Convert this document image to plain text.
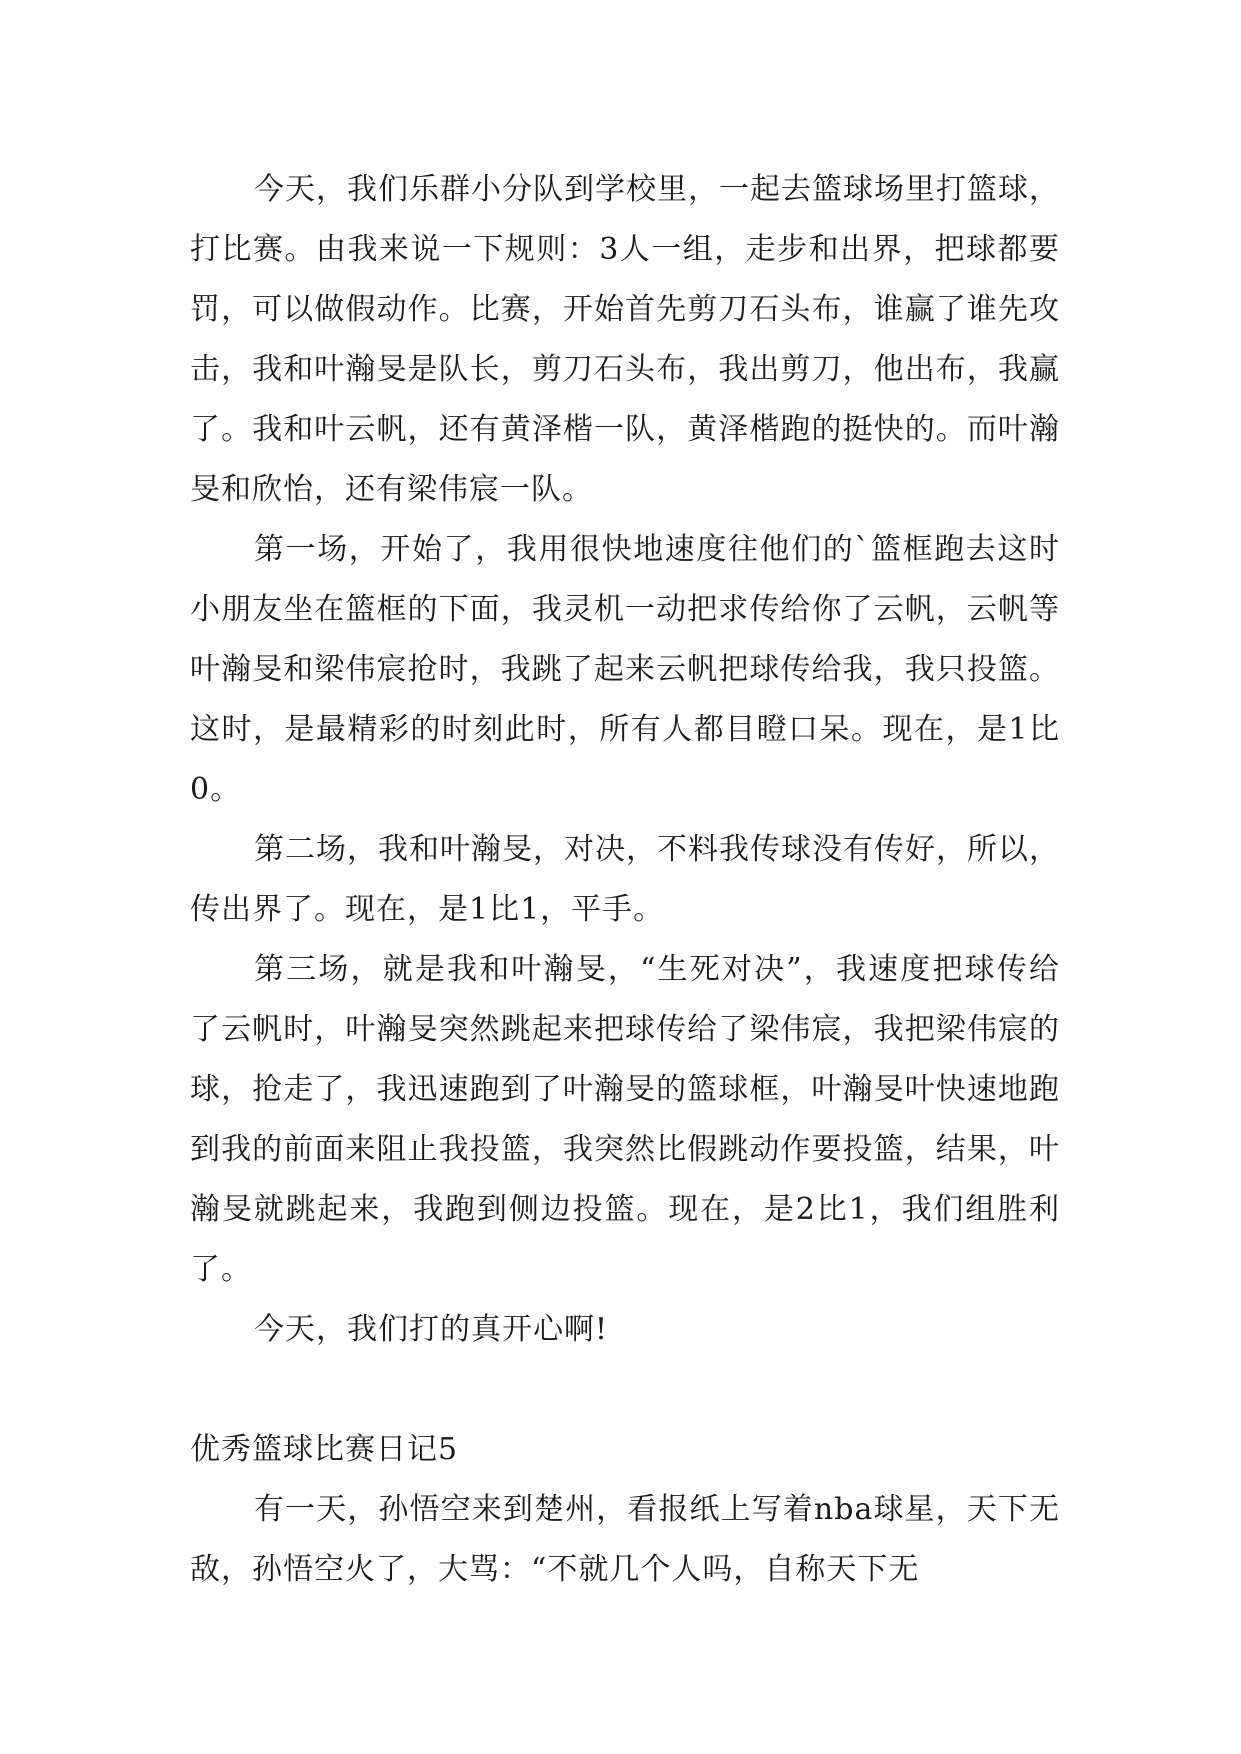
今天，我们乐群小分队到学校里，一起去篮球场里打篮球，打比赛。由我来说一下规则：3人一组，走步和出界，把球都要罚，可以做假动作。比赛，开始首先剪刀石头布，谁赢了谁先攻击，我和叶瀚旻是队长，剪刀石头布，我出剪刀，他出布，我赢了。我和叶云帆，还有黄泽楷一队，黄泽楷跑的挺快的。而叶瀚旻和欣怡，还有梁伟宸一队。

第一场，开始了，我用很快地速度往他们的`篮框跑去这时小朋友坐在篮框的下面，我灵机一动把求传给你了云帆，云帆等叶瀚旻和梁伟宸抢时，我跳了起来云帆把球传给我，我只投篮。这时，是最精彩的时刻此时，所有人都目瞪口呆。现在，是1比0。

第二场，我和叶瀚旻，对决，不料我传球没有传好，所以，传出界了。现在，是1比1，平手。

第三场，就是我和叶瀚旻，“生死对决”，我速度把球传给了云帆时，叶瀚旻突然跳起来把球传给了梁伟宸，我把梁伟宸的球，抢走了，我迅速跑到了叶瀚旻的篮球框，叶瀚旻叶快速地跑到我的前面来阻止我投篮，我突然比假跳动作要投篮，结果，叶瀚旻就跳起来，我跑到侧边投篮。现在，是2比1，我们组胜利了。

今天，我们打的真开心啊!

优秀篮球比赛日记5

有一天，孙悟空来到楚州，看报纸上写着nba球星，天下无敌，孙悟空火了，大骂：“不就几个人吗，自称天下无
